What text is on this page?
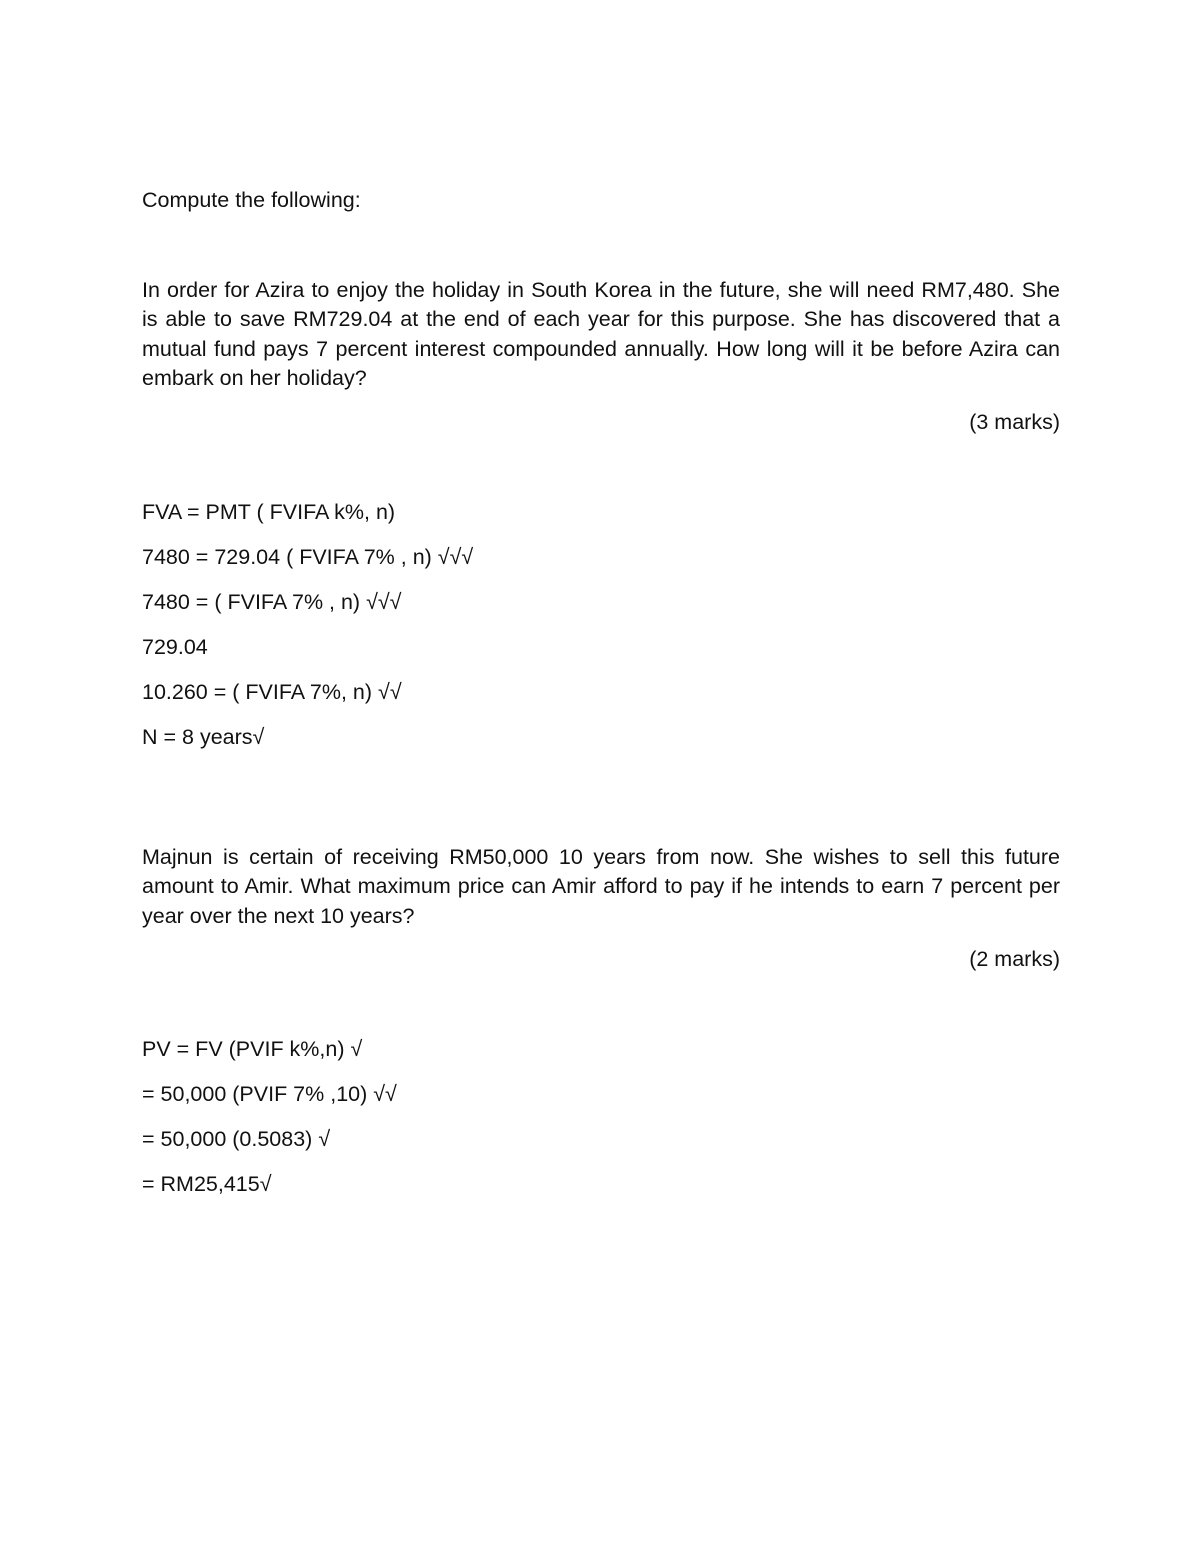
Compute the following:

In order for Azira to enjoy the holiday in South Korea in the future, she will need RM7,480. She is able to save RM729.04 at the end of each year for this purpose. She has discovered that a mutual fund pays 7 percent interest compounded annually. How long will it be before Azira can embark on her holiday?

(3 marks)

FVA = PMT ( FVIFA k%, n)
7480 = 729.04 ( FVIFA 7% , n) √√√
7480 = ( FVIFA 7% , n) √√√
729.04
10.260 = ( FVIFA 7%, n) √√
N = 8 years√

Majnun is certain of receiving RM50,000 10 years from now. She wishes to sell this future amount to Amir. What maximum price can Amir afford to pay if he intends to earn 7 percent per year over the next 10 years?

(2 marks)

PV = FV (PVIF k%,n) √
= 50,000 (PVIF 7% ,10) √√
= 50,000 (0.5083) √
= RM25,415√
